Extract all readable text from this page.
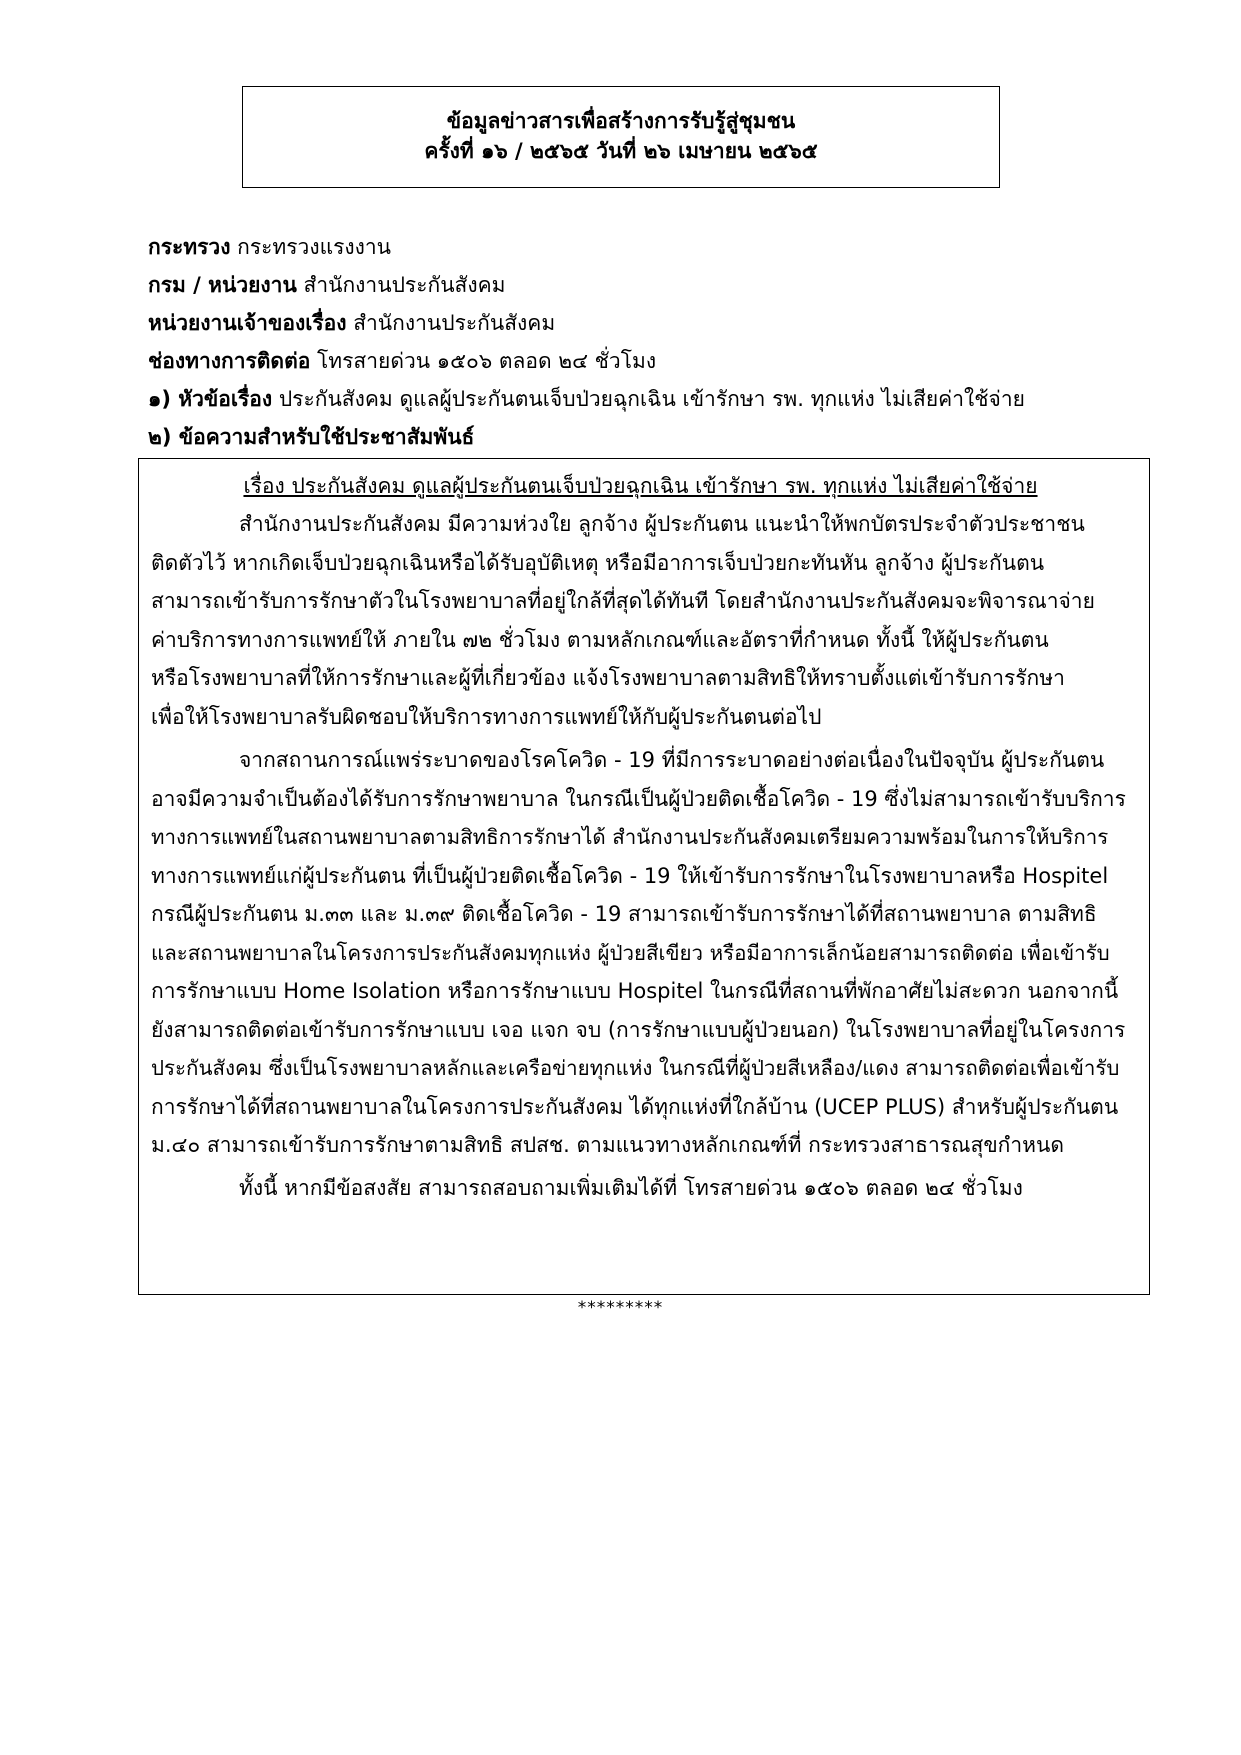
ข้อมูลข่าวสารเพื่อสร้างการรับรู้สู่ชุมชน
ครั้งที่ ๑๖ / ๒๕๖๕ วันที่ ๒๖ เมษายน ๒๕๖๕
กระทรวง กระทรวงแรงงาน
กรม / หน่วยงาน สำนักงานประกันสังคม
หน่วยงานเจ้าของเรื่อง สำนักงานประกันสังคม
ช่องทางการติดต่อ โทรสายด่วน ๑๕๐๖ ตลอด ๒๔ ชั่วโมง
๑) หัวข้อเรื่อง ประกันสังคม ดูแลผู้ประกันตนเจ็บป่วยฉุกเฉิน เข้ารักษา รพ. ทุกแห่ง ไม่เสียค่าใช้จ่าย
๒) ข้อความสำหรับใช้ประชาสัมพันธ์
เรื่อง ประกันสังคม ดูแลผู้ประกันตนเจ็บป่วยฉุกเฉิน เข้ารักษา รพ. ทุกแห่ง ไม่เสียค่าใช้จ่าย

สำนักงานประกันสังคม มีความห่วงใย ลูกจ้าง ผู้ประกันตน แนะนำให้พกบัตรประจำตัวประชาชน
ติดตัวไว้ หากเกิดเจ็บป่วยฉุกเฉินหรือได้รับอุบัติเหตุ หรือมีอาการเจ็บป่วยกะทันหัน ลูกจ้าง ผู้ประกันตน
สามารถเข้ารับการรักษาตัวในโรงพยาบาลที่อยู่ใกล้ที่สุดได้ทันที โดยสำนักงานประกันสังคมจะพิจารณาจ่าย
ค่าบริการทางการแพทย์ให้ ภายใน ๗๒ ชั่วโมง ตามหลักเกณฑ์และอัตราที่กำหนด ทั้งนี้ ให้ผู้ประกันตน
หรือโรงพยาบาลที่ให้การรักษาและผู้ที่เกี่ยวข้อง แจ้งโรงพยาบาลตามสิทธิให้ทราบตั้งแต่เข้ารับการรักษา
เพื่อให้โรงพยาบาลรับผิดชอบให้บริการทางการแพทย์ให้กับผู้ประกันตนต่อไป

จากสถานการณ์แพร่ระบาดของโรคโควิด - 19 ที่มีการระบาดอย่างต่อเนื่องในปัจจุบัน ผู้ประกันตน
อาจมีความจำเป็นต้องได้รับการรักษาพยาบาล ในกรณีเป็นผู้ป่วยติดเชื้อโควิด - 19 ซึ่งไม่สามารถเข้ารับบริการ
ทางการแพทย์ในสถานพยาบาลตามสิทธิการรักษาได้ สำนักงานประกันสังคมเตรียมความพร้อมในการให้บริการ
ทางการแพทย์แก่ผู้ประกันตน ที่เป็นผู้ป่วยติดเชื้อโควิด - 19 ให้เข้ารับการรักษาในโรงพยาบาลหรือ Hospitel
กรณีผู้ประกันตน ม.๓๓ และ ม.๓๙ ติดเชื้อโควิด - 19 สามารถเข้ารับการรักษาได้ที่สถานพยาบาล ตามสิทธิ
และสถานพยาบาลในโครงการประกันสังคมทุกแห่ง ผู้ป่วยสีเขียว หรือมีอาการเล็กน้อยสามารถติดต่อ เพื่อเข้ารับ
การรักษาแบบ Home Isolation หรือการรักษาแบบ Hospitel ในกรณีที่สถานที่พักอาศัยไม่สะดวก นอกจากนี้
ยังสามารถติดต่อเข้ารับการรักษาแบบ เจอ แจก จบ (การรักษาแบบผู้ป่วยนอก) ในโรงพยาบาลที่อยู่ในโครงการ
ประกันสังคม ซึ่งเป็นโรงพยาบาลหลักและเครือข่ายทุกแห่ง ในกรณีที่ผู้ป่วยสีเหลือง/แดง สามารถติดต่อเพื่อเข้ารับ
การรักษาได้ที่สถานพยาบาลในโครงการประกันสังคม ได้ทุกแห่งที่ใกล้บ้าน (UCEP PLUS) สำหรับผู้ประกันตน
ม.๔๐ สามารถเข้ารับการรักษาตามสิทธิ สปสช. ตามแนวทางหลักเกณฑ์ที่ กระทรวงสาธารณสุขกำหนด

ทั้งนี้ หากมีข้อสงสัย สามารถสอบถามเพิ่มเติมได้ที่ โทรสายด่วน ๑๕๐๖ ตลอด ๒๔ ชั่วโมง
*********
